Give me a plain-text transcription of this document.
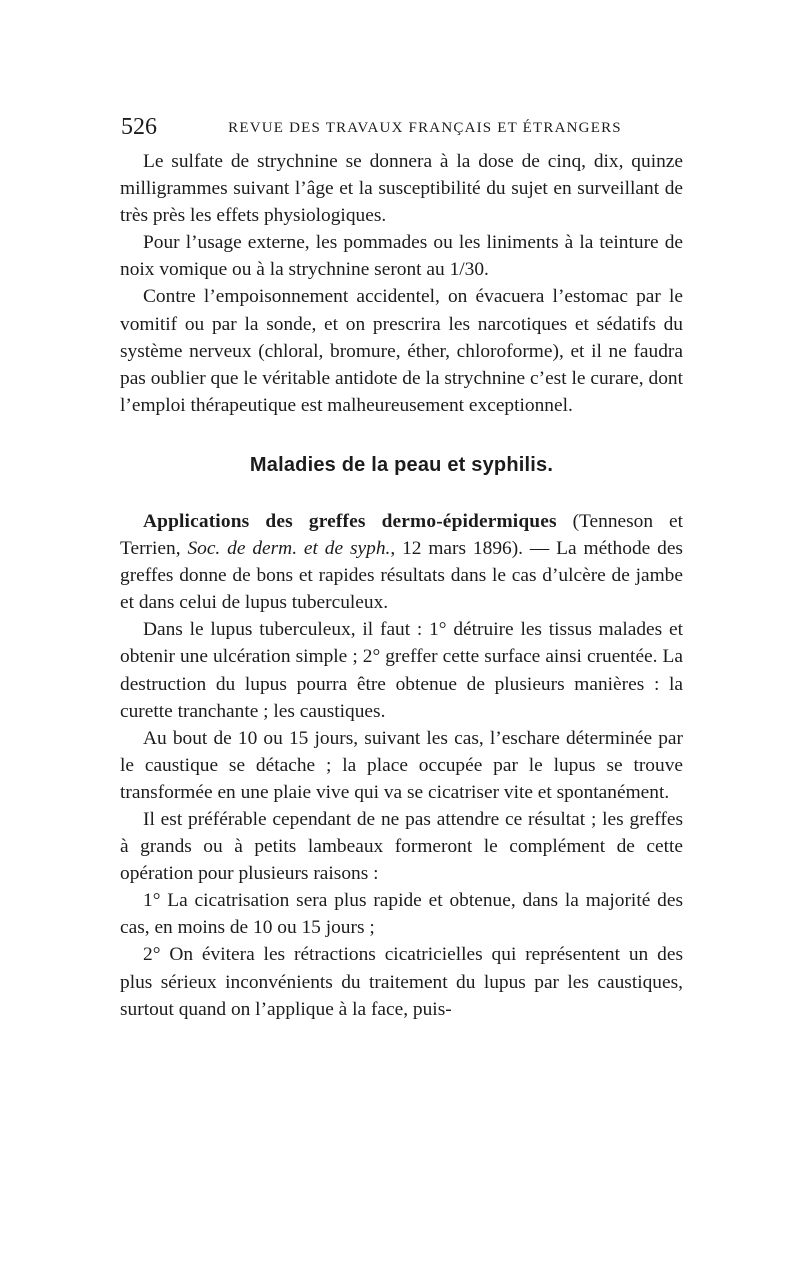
526	REVUE DES TRAVAUX FRANÇAIS ET ÉTRANGERS

Le sulfate de strychnine se donnera à la dose de cinq, dix, quinze milligrammes suivant l’âge et la susceptibilité du sujet en surveillant de très près les effets physiologiques.

Pour l’usage externe, les pommades ou les liniments à la teinture de noix vomique ou à la strychnine seront au 1/30.

Contre l’empoisonnement accidentel, on évacuera l’estomac par le vomitif ou par la sonde, et on prescrira les narcotiques et sédatifs du système nerveux (chloral, bromure, éther, chloroforme), et il ne faudra pas oublier que le véritable antidote de la strychnine c’est le curare, dont l’emploi thérapeutique est malheureusement exceptionnel.

Maladies de la peau et syphilis.

Applications des greffes dermo-épidermiques (Tenneson et Terrien, Soc. de derm. et de syph., 12 mars 1896). — La méthode des greffes donne de bons et rapides résultats dans le cas d’ulcère de jambe et dans celui de lupus tuberculeux.

Dans le lupus tuberculeux, il faut : 1° détruire les tissus malades et obtenir une ulcération simple ; 2° greffer cette surface ainsi cruentée. La destruction du lupus pourra être obtenue de plusieurs manières : la curette tranchante ; les caustiques.

Au bout de 10 ou 15 jours, suivant les cas, l’eschare déterminée par le caustique se détache ; la place occupée par le lupus se trouve transformée en une plaie vive qui va se cicatriser vite et spontanément.

Il est préférable cependant de ne pas attendre ce résultat ; les greffes à grands ou à petits lambeaux formeront le complément de cette opération pour plusieurs raisons :

1° La cicatrisation sera plus rapide et obtenue, dans la majorité des cas, en moins de 10 ou 15 jours ;

2° On évitera les rétractions cicatricielles qui représentent un des plus sérieux inconvénients du traitement du lupus par les caustiques, surtout quand on l’applique à la face, puis-
